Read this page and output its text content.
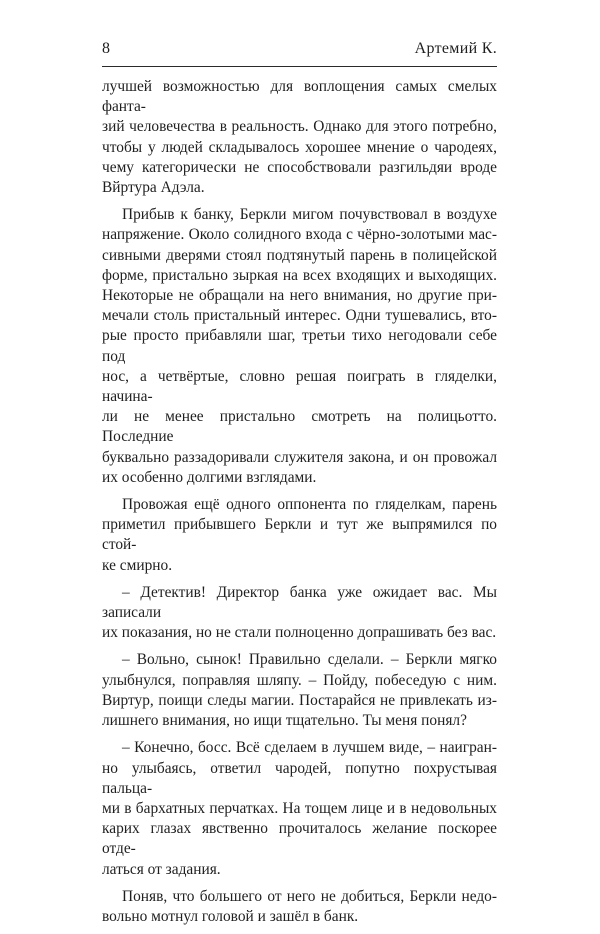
8	Артемий К.

лучшей возможностью для воплощения самых смелых фанта-
зий человечества в реальность. Однако для этого потребно,
чтобы у людей складывалось хорошее мнение о чародеях,
чему категорически не способствовали разгильдяи вроде
Вйртура Адэла.

Прибыв к банку, Беркли мигом почувствовал в воздухе
напряжение. Около солидного входа с чёрно-золотыми мас-
сивными дверями стоял подтянутый парень в полицейской
форме, пристально зыркая на всех входящих и выходящих.
Некоторые не обращали на него внимания, но другие при-
мечали столь пристальный интерес. Одни тушевались, вто-
рые просто прибавляли шаг, третьи тихо негодовали себе под
нос, а четвёртые, словно решая поиграть в гляделки, начина-
ли не менее пристально смотреть на полицьотто. Последние
буквально раззадоривали служителя закона, и он провожал
их особенно долгими взглядами.

Провожая ещё одного оппонента по гляделкам, парень
приметил прибывшего Беркли и тут же выпрямился по стой-
ке смирно.

– Детектив! Директор банка уже ожидает вас. Мы записали
их показания, но не стали полноценно допрашивать без вас.

– Вольно, сынок! Правильно сделали. – Беркли мягко
улыбнулся, поправляя шляпу. – Пойду, побеседую с ним.
Виртур, поищи следы магии. Постарайся не привлекать из-
лишнего внимания, но ищи тщательно. Ты меня понял?

– Конечно, босс. Всё сделаем в лучшем виде, – наигран-
но улыбаясь, ответил чародей, попутно похрустывая пальца-
ми в бархатных перчатках. На тощем лице и в недовольных
карих глазах явственно прочиталось желание поскорее отде-
латься от задания.

Поняв, что большего от него не добиться, Беркли недо-
вольно мотнул головой и зашёл в банк.
